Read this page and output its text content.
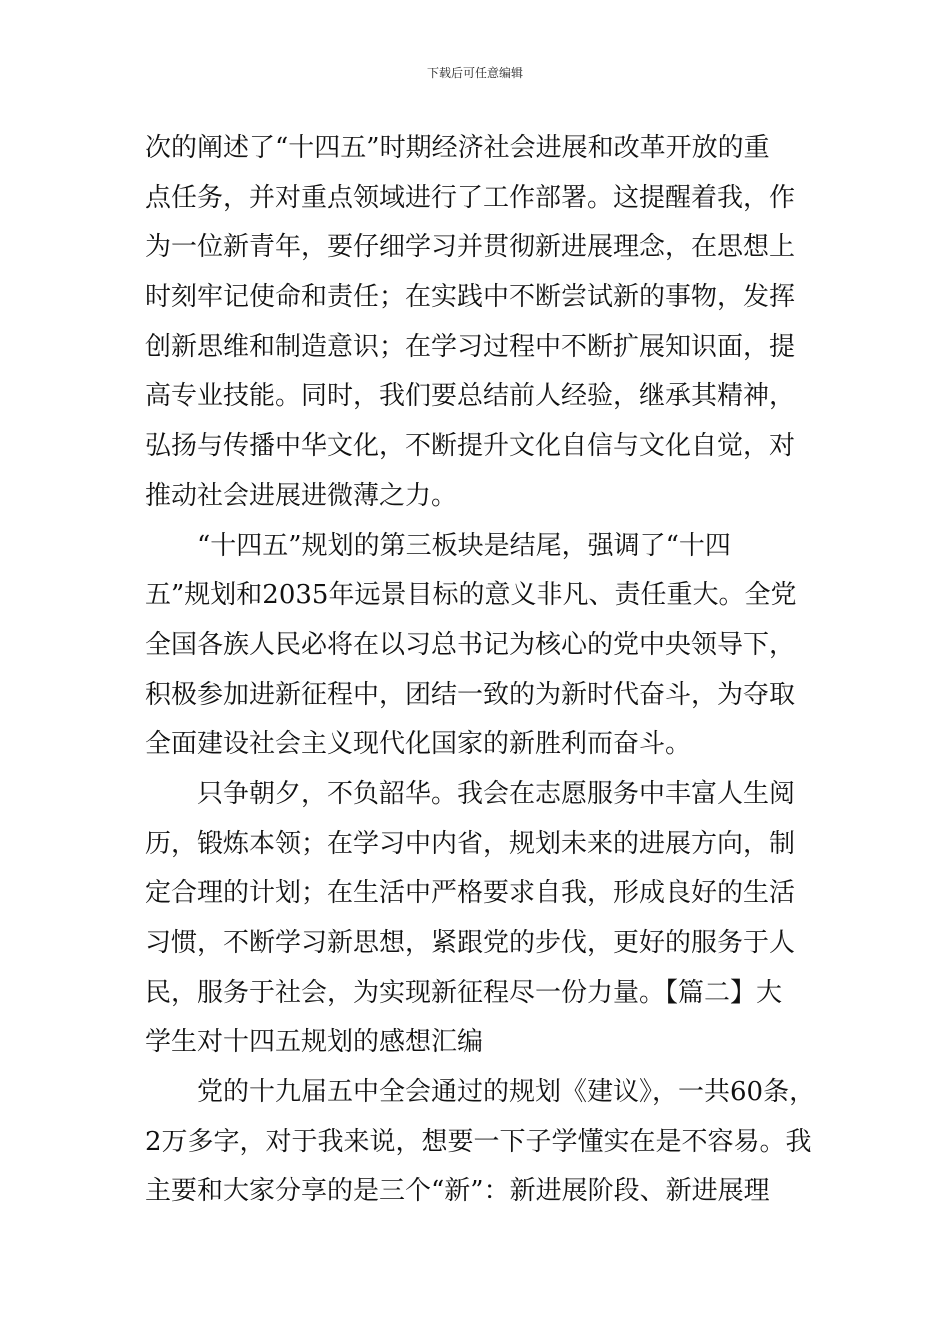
下载后可任意编辑
次的阐述了“十四五”时期经济社会进展和改革开放的重
点任务，并对重点领域进行了工作部署。这提醒着我，作
为一位新青年，要仔细学习并贯彻新进展理念，在思想上
时刻牢记使命和责任；在实践中不断尝试新的事物，发挥
创新思维和制造意识；在学习过程中不断扩展知识面，提
高专业技能。同时，我们要总结前人经验，继承其精神，
弘扬与传播中华文化，不断提升文化自信与文化自觉，对
推动社会进展进微薄之力。
“十四五”规划的第三板块是结尾，强调了“十四
五”规划和2035年远景目标的意义非凡、责任重大。全党
全国各族人民必将在以习总书记为核心的党中央领导下，
积极参加进新征程中，团结一致的为新时代奋斗，为夺取
全面建设社会主义现代化国家的新胜利而奋斗。
只争朝夕，不负韶华。我会在志愿服务中丰富人生阅
历，锻炼本领；在学习中内省，规划未来的进展方向，制
定合理的计划；在生活中严格要求自我，形成良好的生活
习惯，不断学习新思想，紧跟党的步伐，更好的服务于人
民，服务于社会，为实现新征程尽一份力量。【篇二】大
学生对十四五规划的感想汇编
党的十九届五中全会通过的规划《建议》，一共60条，
2万多字，对于我来说，想要一下子学懂实在是不容易。我
主要和大家分享的是三个“新”：新进展阶段、新进展理
